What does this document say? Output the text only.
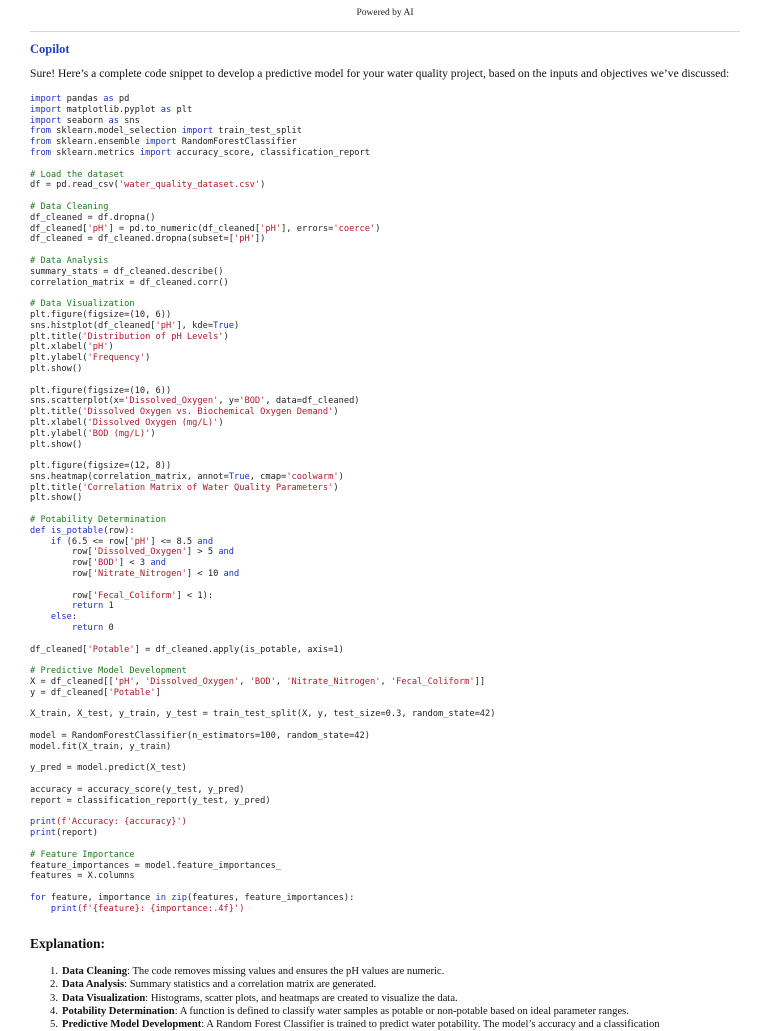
Powered by AI
Copilot
Sure! Here’s a complete code snippet to develop a predictive model for your water quality project, based on the inputs and objectives we’ve discussed:
import pandas as pd
import matplotlib.pyplot as plt
import seaborn as sns
from sklearn.model_selection import train_test_split
from sklearn.ensemble import RandomForestClassifier
from sklearn.metrics import accuracy_score, classification_report
# Load the dataset
df = pd.read_csv('water_quality_dataset.csv')
# Data Cleaning
df_cleaned = df.dropna()
df_cleaned['pH'] = pd.to_numeric(df_cleaned['pH'], errors='coerce')
df_cleaned = df_cleaned.dropna(subset=['pH'])
# Data Analysis
summary_stats = df_cleaned.describe()
correlation_matrix = df_cleaned.corr()
# Data Visualization
plt.figure(figsize=(10, 6))
sns.histplot(df_cleaned['pH'], kde=True)
plt.title('Distribution of pH Levels')
plt.xlabel('pH')
plt.ylabel('Frequency')
plt.show()
plt.figure(figsize=(10, 6))
sns.scatterplot(x='Dissolved_Oxygen', y='BOD', data=df_cleaned)
plt.title('Dissolved Oxygen vs. Biochemical Oxygen Demand')
plt.xlabel('Dissolved Oxygen (mg/L)')
plt.ylabel('BOD (mg/L)')
plt.show()
plt.figure(figsize=(12, 8))
sns.heatmap(correlation_matrix, annot=True, cmap='coolwarm')
plt.title('Correlation Matrix of Water Quality Parameters')
plt.show()
# Potability Determination
def is_potable(row):
if (6.5 <= row['pH'] <= 8.5 and
row['Dissolved_Oxygen'] > 5 and
row['BOD'] < 3 and
row['Nitrate_Nitrogen'] < 10 and
row['Fecal_Coliform'] < 1):
return 1
else:
return 0
df_cleaned['Potable'] = df_cleaned.apply(is_potable, axis=1)
# Predictive Model Development
X = df_cleaned[['pH', 'Dissolved_Oxygen', 'BOD', 'Nitrate_Nitrogen', 'Fecal_Coliform']]
y = df_cleaned['Potable']
X_train, X_test, y_train, y_test = train_test_split(X, y, test_size=0.3, random_state=42)
model = RandomForestClassifier(n_estimators=100, random_state=42)
model.fit(X_train, y_train)
y_pred = model.predict(X_test)
accuracy = accuracy_score(y_test, y_pred)
report = classification_report(y_test, y_pred)
print(f'Accuracy: {accuracy}')
print(report)
# Feature Importance
feature_importances = model.feature_importances_
features = X.columns
for feature, importance in zip(features, feature_importances):
print(f'{feature}: {importance:.4f}')
Explanation:
1. Data Cleaning: The code removes missing values and ensures the pH values are numeric.
2. Data Analysis: Summary statistics and a correlation matrix are generated.
3. Data Visualization: Histograms, scatter plots, and heatmaps are created to visualize the data.
4. Potability Determination: A function is defined to classify water samples as potable or non-potable based on ideal parameter ranges.
5. Predictive Model Development: A Random Forest Classifier is trained to predict water potability. The model’s accuracy and a classification
